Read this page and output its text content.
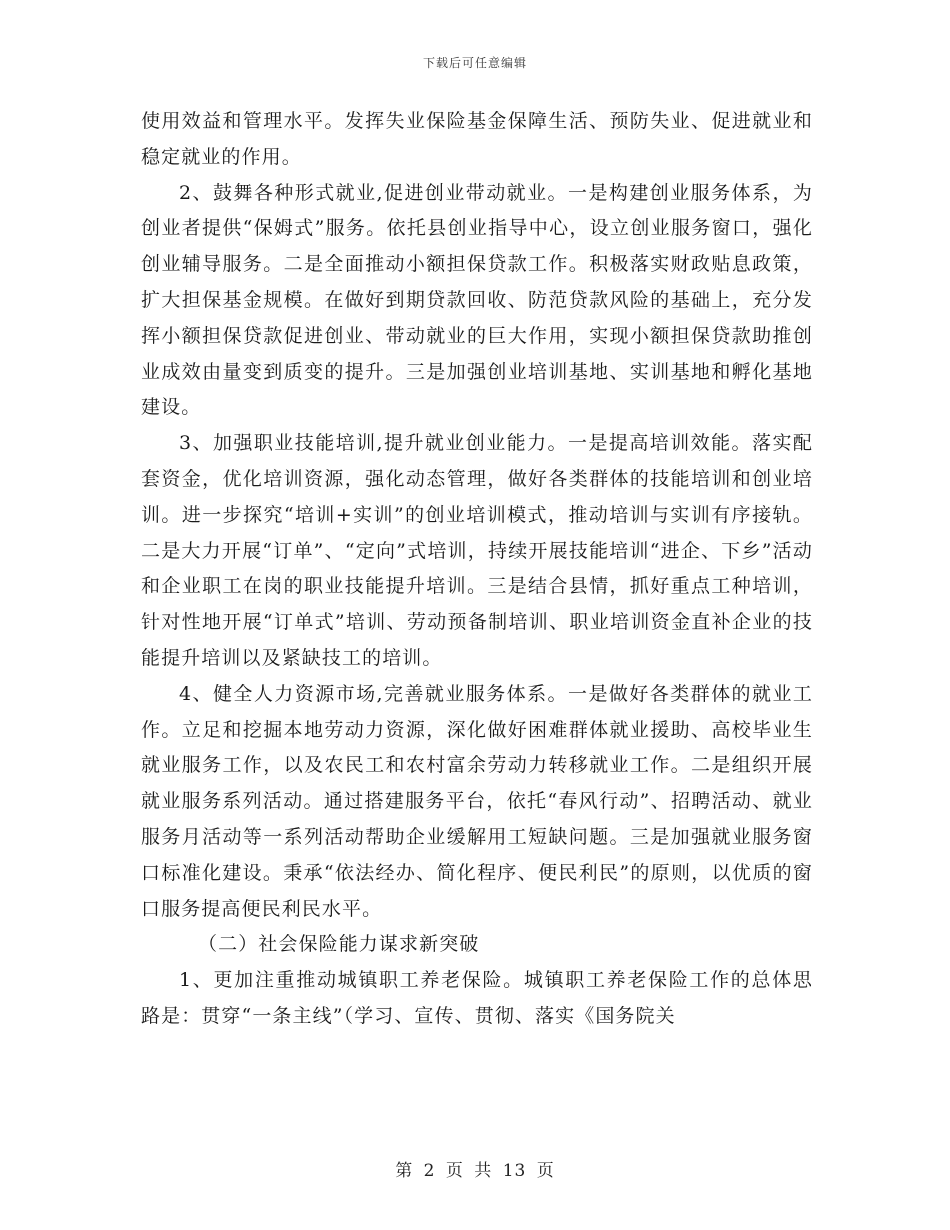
下载后可任意编辑

使用效益和管理水平。发挥失业保险基金保障生活、预防失业、促进就业和稳定就业的作用。

2、鼓舞各种形式就业,促进创业带动就业。一是构建创业服务体系，为创业者提供“保姆式”服务。依托县创业指导中心，设立创业服务窗口，强化创业辅导服务。二是全面推动小额担保贷款工作。积极落实财政贴息政策，扩大担保基金规模。在做好到期贷款回收、防范贷款风险的基础上，充分发挥小额担保贷款促进创业、带动就业的巨大作用，实现小额担保贷款助推创业成效由量变到质变的提升。三是加强创业培训基地、实训基地和孵化基地建设。

3、加强职业技能培训,提升就业创业能力。一是提高培训效能。落实配套资金，优化培训资源，强化动态管理，做好各类群体的技能培训和创业培训。进一步探究“培训+实训”的创业培训模式，推动培训与实训有序接轨。二是大力开展“订单”、“定向”式培训，持续开展技能培训“进企、下乡”活动和企业职工在岗的职业技能提升培训。三是结合县情，抓好重点工种培训，针对性地开展“订单式”培训、劳动预备制培训、职业培训资金直补企业的技能提升培训以及紧缺技工的培训。

4、健全人力资源市场,完善就业服务体系。一是做好各类群体的就业工作。立足和挖掘本地劳动力资源，深化做好困难群体就业援助、高校毕业生就业服务工作，以及农民工和农村富余劳动力转移就业工作。二是组织开展就业服务系列活动。通过搭建服务平台，依托“春风行动”、招聘活动、就业服务月活动等一系列活动帮助企业缓解用工短缺问题。三是加强就业服务窗口标准化建设。秉承“依法经办、简化程序、便民利民”的原则，以优质的窗口服务提高便民利民水平。

（二）社会保险能力谋求新突破

1、更加注重推动城镇职工养老保险。城镇职工养老保险工作的总体思路是：贯穿“一条主线”（学习、宣传、贯彻、落实《国务院关

第 2 页 共 13 页
